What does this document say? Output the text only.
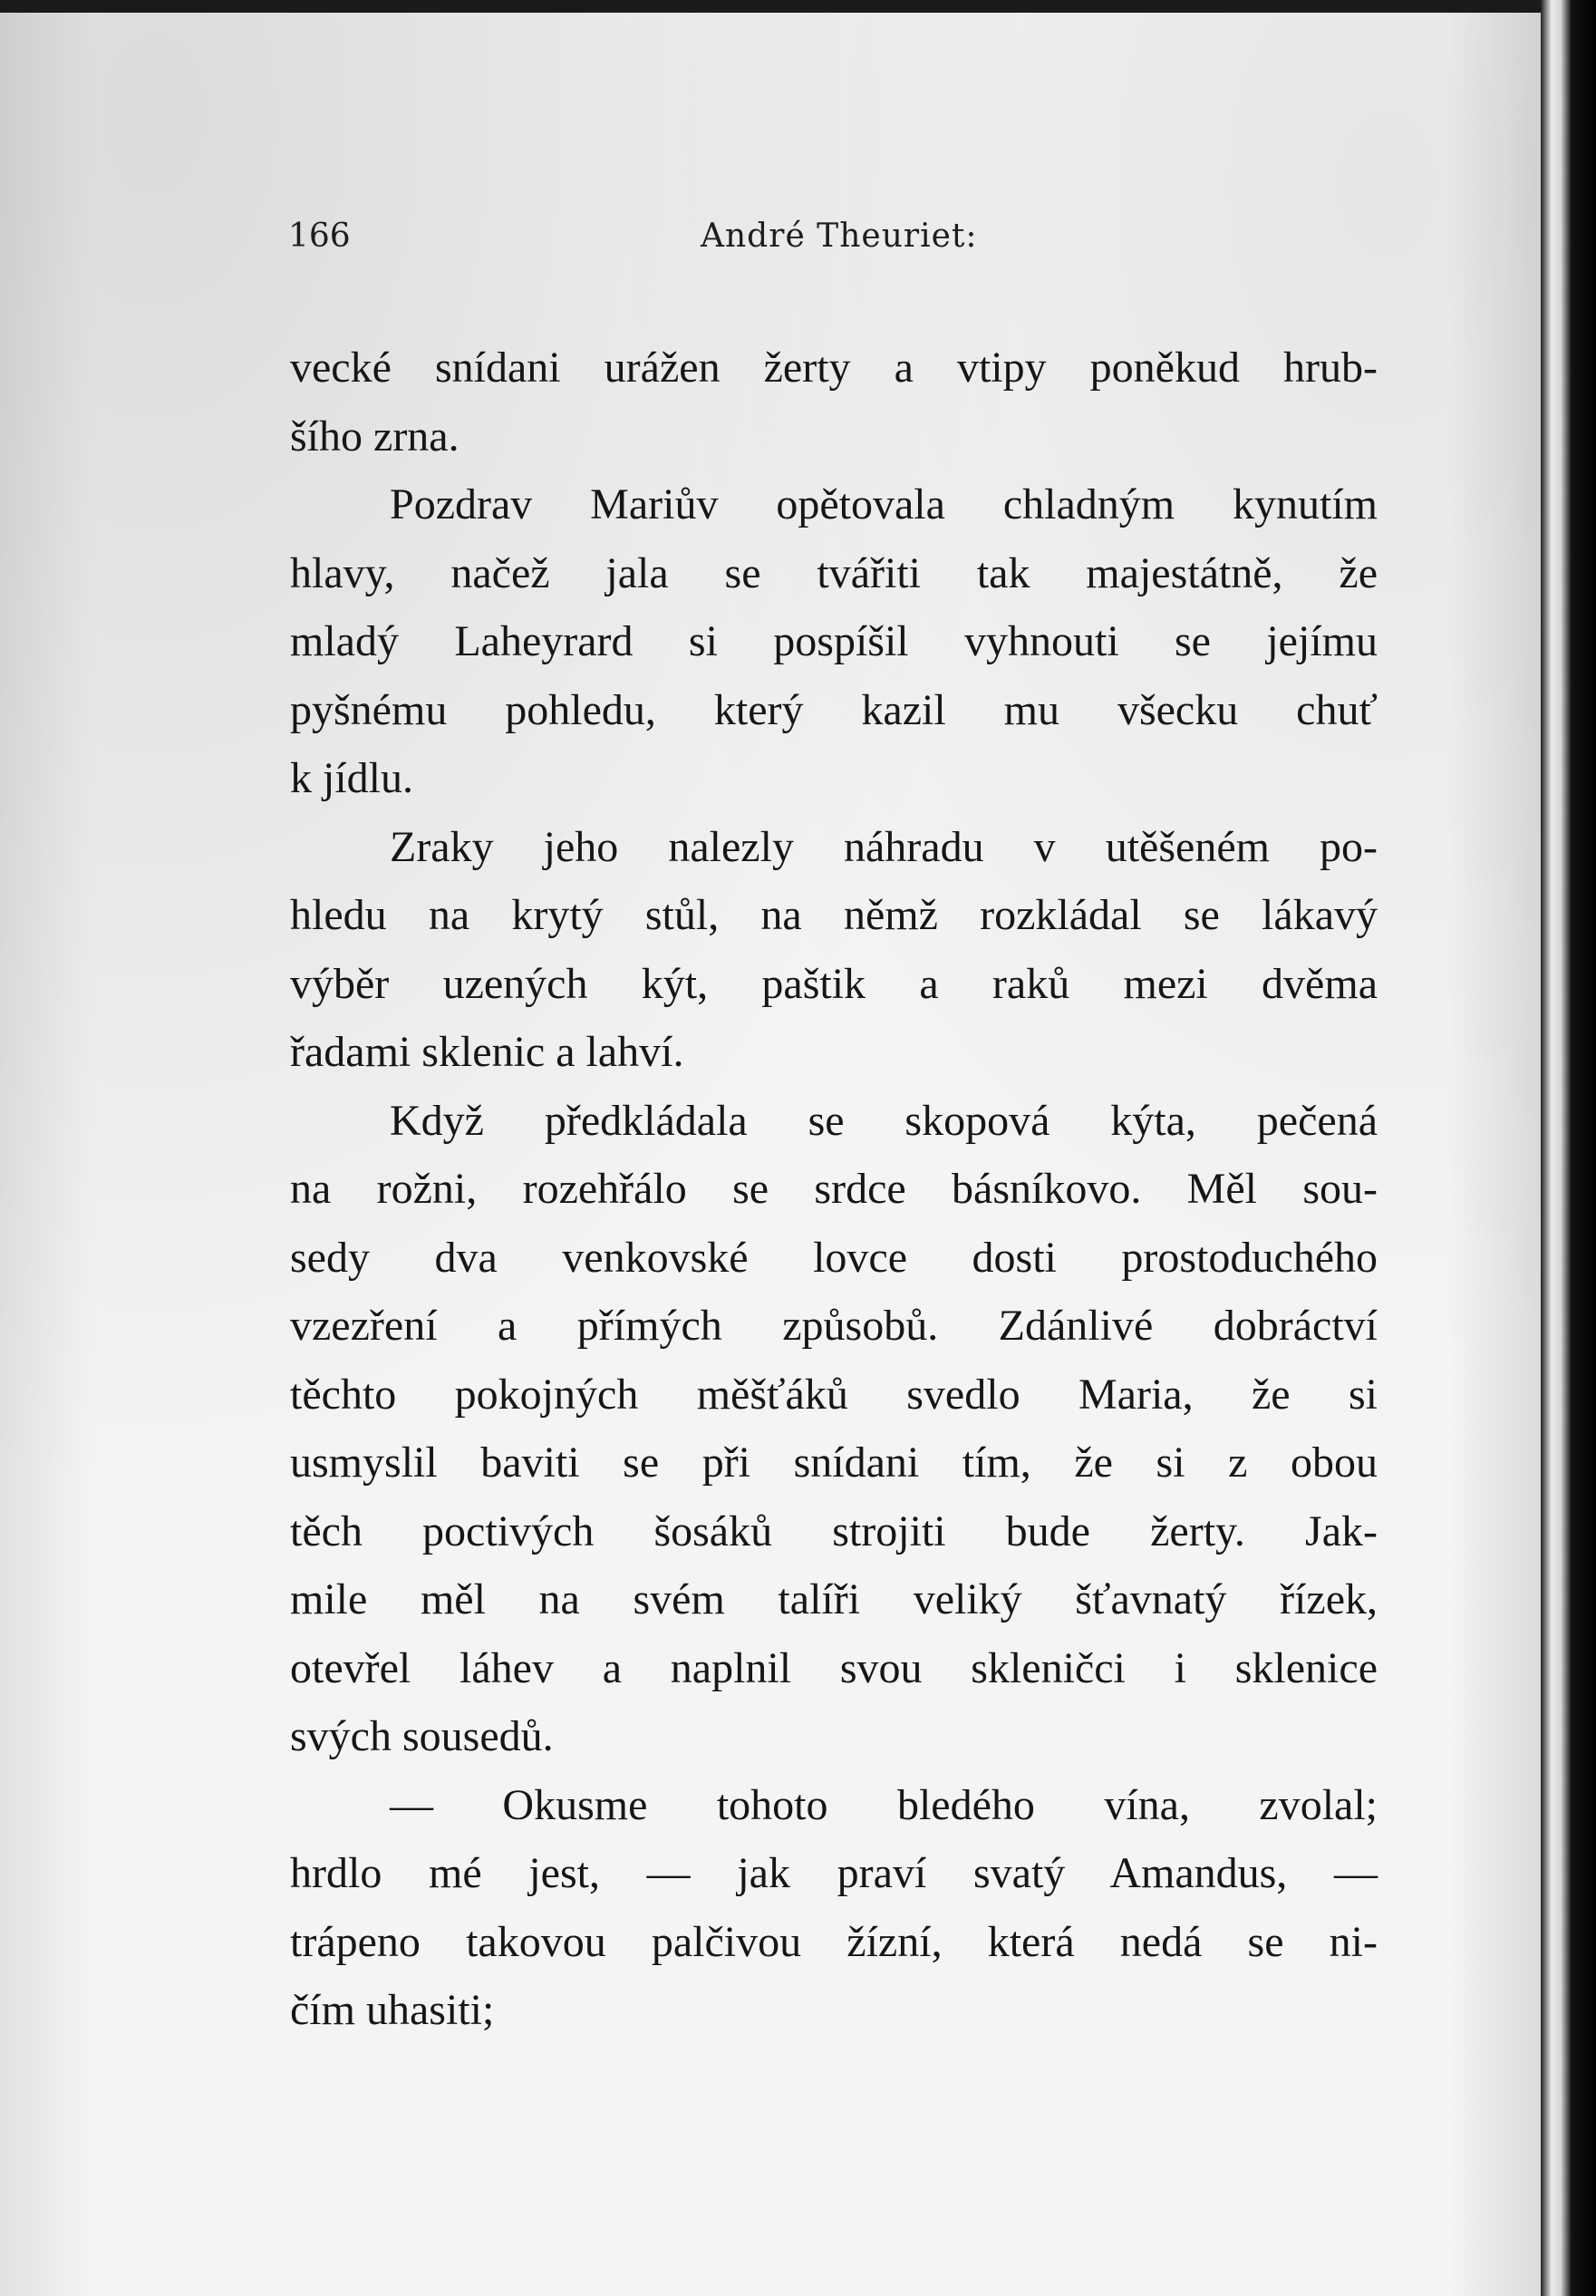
166	André Theuriet:
vecké snídani urážen žerty a vtipy poněkud hrub-
šího zrna.
Pozdrav Mariův opětovala chladným kynutím
hlavy, načež jala se tvářiti tak majestátně, že
mladý Laheyrard si pospíšil vyhnouti se jejímu
pyšnému pohledu, který kazil mu všecku chuť
k jídlu.
Zraky jeho nalezly náhradu v utěšeném po-
hledu na krytý stůl, na němž rozkládal se lákavý
výběr uzených kýt, paštik a raků mezi dvěma
řadami sklenic a lahví.
Když předkládala se skopová kýta, pečená
na rožni, rozehřálo se srdce básníkovo. Měl sou-
sedy dva venkovské lovce dosti prostoduchého
vzezření a přímých způsobů. Zdánlivé dobráctví
těchto pokojných měšťáků svedlo Maria, že si
usmyslil baviti se při snídani tím, že si z obou
těch poctivých šosáků strojiti bude žerty. Jak-
mile měl na svém talíři veliký šťavnatý řízek,
otevřel láhev a naplnil svou skleničci i sklenice
svých sousedů.
— Okusme tohoto bledého vína, zvolal;
hrdlo mé jest, — jak praví svatý Amandus, —
trápeno takovou palčivou žízní, která nedá se ni-
čím uhasiti;
